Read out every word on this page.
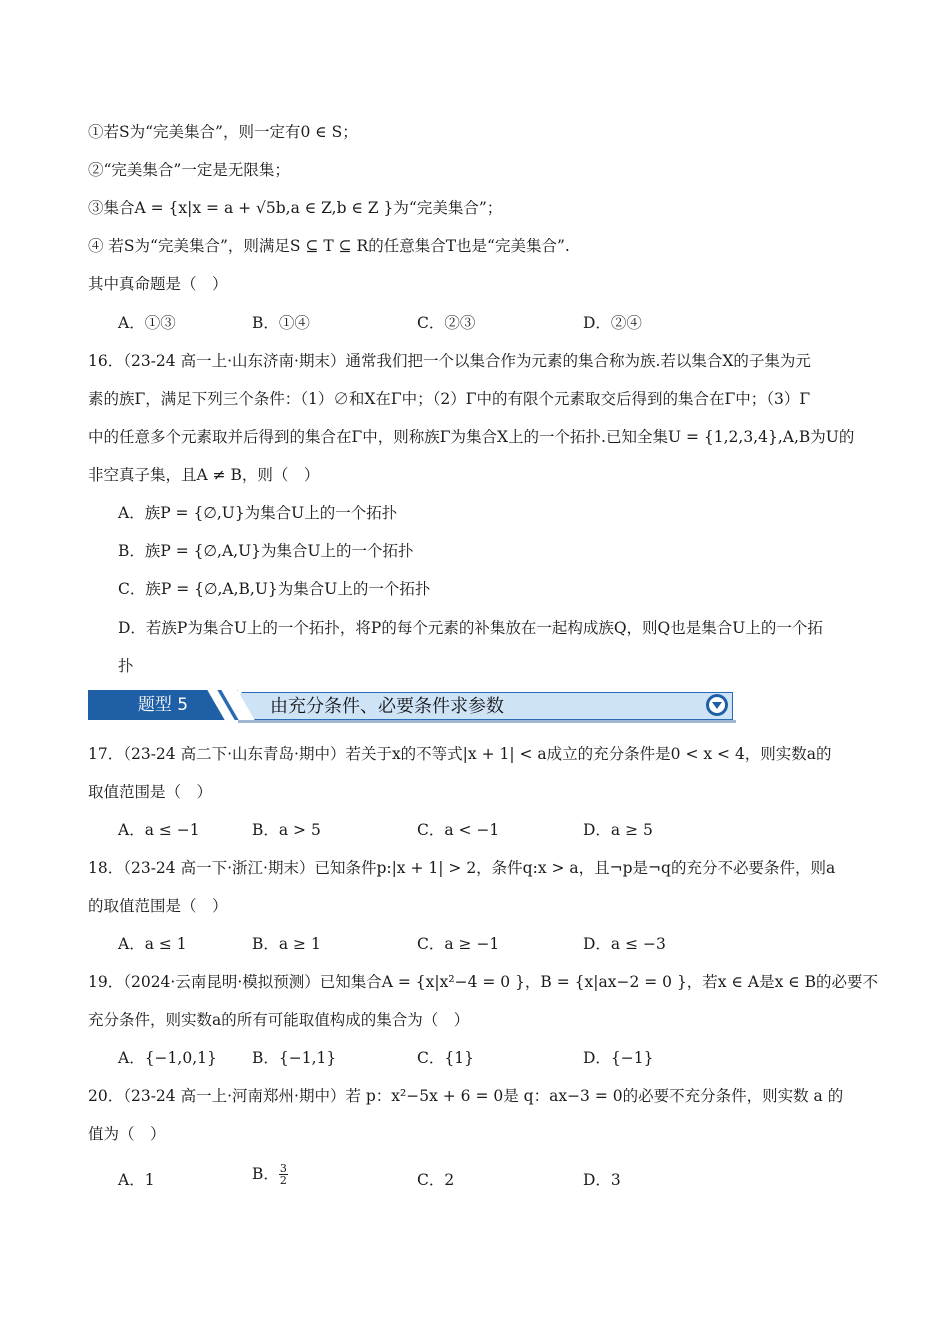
①若S为“完美集合”，则一定有0 ∈ S；
②“完美集合”一定是无限集；
③集合A = {x|x = a + √5b,a ∈ Z,b ∈ Z }为“完美集合”；
④ 若S为“完美集合”，则满足S ⊆ T ⊆ R的任意集合T也是“完美集合”.
其中真命题是（　）
A．①③	B．①④	C．②③	D．②④
16．（23-24 高一上·山东济南·期末）通常我们把一个以集合作为元素的集合称为族.若以集合X的子集为元
素的族Γ，满足下列三个条件：（1）∅和X在Γ中；（2）Γ中的有限个元素取交后得到的集合在Γ中；（3）Γ
中的任意多个元素取并后得到的集合在Γ中，则称族Γ为集合X上的一个拓扑.已知全集U = {1,2,3,4},A,B为U的
非空真子集，且A ≠ B，则（　）
A．族P = {∅,U}为集合U上的一个拓扑
B．族P = {∅,A,U}为集合U上的一个拓扑
C．族P = {∅,A,B,U}为集合U上的一个拓扑
D．若族P为集合U上的一个拓扑，将P的每个元素的补集放在一起构成族Q，则Q也是集合U上的一个拓
扑
题型 5	由充分条件、必要条件求参数
17．（23-24 高二下·山东青岛·期中）若关于x的不等式|x + 1| < a成立的充分条件是0 < x < 4，则实数a的
取值范围是（　）
A．a ≤ −1	B．a > 5	C．a < −1	D．a ≥ 5
18．（23-24 高一下·浙江·期末）已知条件p:|x + 1| > 2，条件q:x > a，且¬p是¬q的充分不必要条件，则a
的取值范围是（　）
A．a ≤ 1	B．a ≥ 1	C．a ≥ −1	D．a ≤ −3
19．（2024·云南昆明·模拟预测）已知集合A = {x|x²−4 = 0 }，B = {x|ax−2 = 0 }，若x ∈ A是x ∈ B的必要不
充分条件，则实数a的所有可能取值构成的集合为（　）
A．{−1,0,1} B．{−1,1}	C．{1}	D．{−1}
20．（23-24 高一上·河南郑州·期中）若 p：x²−5x + 6 = 0是 q：ax−3 = 0的必要不充分条件，则实数 a 的
值为（　）
A．1	B． $\frac{3}{2}$	C．2	D．3
